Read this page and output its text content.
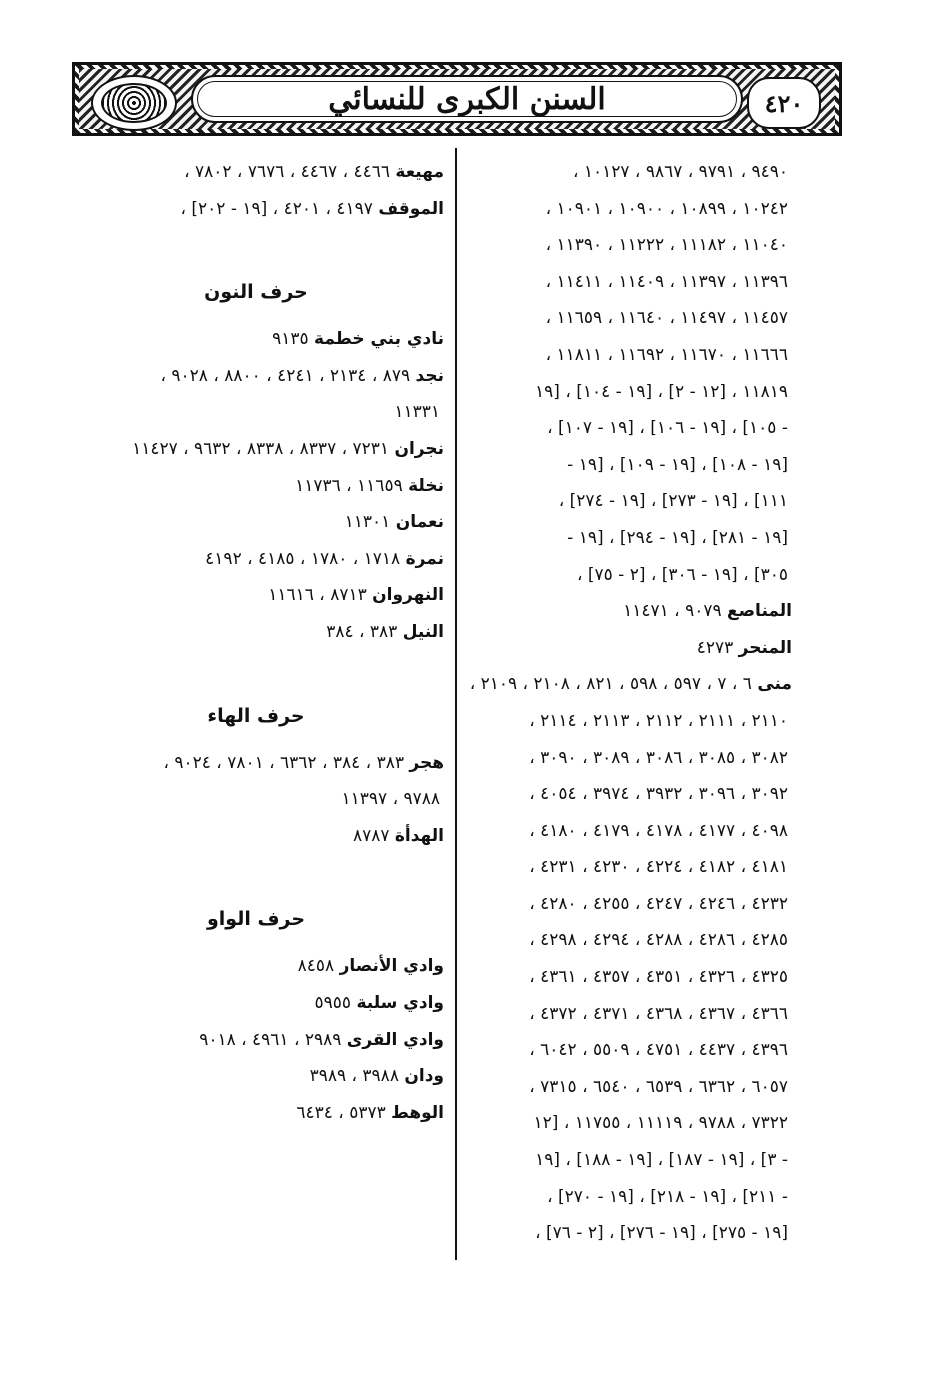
٤٢٠
السنن الكبرى للنسائي
٩٤٩٠ ، ٩٧٩١ ، ٩٨٦٧ ، ١٠١٢٧ ،
١٠٢٤٢ ، ١٠٨٩٩ ، ١٠٩٠٠ ، ١٠٩٠١ ،
١١٠٤٠ ، ١١١٨٢ ، ١١٢٢٢ ، ١١٣٩٠ ،
١١٣٩٦ ، ١١٣٩٧ ، ١١٤٠٩ ، ١١٤١١ ،
١١٤٥٧ ، ١١٤٩٧ ، ١١٦٤٠ ، ١١٦٥٩ ،
١١٦٦٦ ، ١١٦٧٠ ، ١١٦٩٢ ، ١١٨١١ ،
١١٨١٩ ، [١٢ - ٢] ، [١٩ - ١٠٤] ، [١٩
- ١٠٥] ، [١٩ - ١٠٦] ، [١٩ - ١٠٧] ،
[١٩ - ١٠٨] ، [١٩ - ١٠٩] ، [١٩ -
١١١] ، [١٩ - ٢٧٣] ، [١٩ - ٢٧٤] ،
[١٩ - ٢٨١] ، [١٩ - ٢٩٤] ، [١٩ -
٣٠٥] ، [١٩ - ٣٠٦] ، [٢ - ٧٥] ،
المناصع ٩٠٧٩ ، ١١٤٧١
المنحر ٤٢٧٣
منى ٦ ، ٧ ، ٥٩٧ ، ٥٩٨ ، ٨٢١ ، ٢١٠٨ ، ٢١٠٩ ،
٢١١٠ ، ٢١١١ ، ٢١١٢ ، ٢١١٣ ، ٢١١٤ ،
٣٠٨٢ ، ٣٠٨٥ ، ٣٠٨٦ ، ٣٠٨٩ ، ٣٠٩٠ ،
٣٠٩٢ ، ٣٠٩٦ ، ٣٩٣٢ ، ٣٩٧٤ ، ٤٠٥٤ ،
٤٠٩٨ ، ٤١٧٧ ، ٤١٧٨ ، ٤١٧٩ ، ٤١٨٠ ،
٤١٨١ ، ٤١٨٢ ، ٤٢٢٤ ، ٤٢٣٠ ، ٤٢٣١ ،
٤٢٣٢ ، ٤٢٤٦ ، ٤٢٤٧ ، ٤٢٥٥ ، ٤٢٨٠ ،
٤٢٨٥ ، ٤٢٨٦ ، ٤٢٨٨ ، ٤٢٩٤ ، ٤٢٩٨ ،
٤٣٢٥ ، ٤٣٢٦ ، ٤٣٥١ ، ٤٣٥٧ ، ٤٣٦١ ،
٤٣٦٦ ، ٤٣٦٧ ، ٤٣٦٨ ، ٤٣٧١ ، ٤٣٧٢ ،
٤٣٩٦ ، ٤٤٣٧ ، ٤٧٥١ ، ٥٥٠٩ ، ٦٠٤٢ ،
٦٠٥٧ ، ٦٣٦٢ ، ٦٥٣٩ ، ٦٥٤٠ ، ٧٣١٥ ،
٧٣٢٢ ، ٩٧٨٨ ، ١١١١٩ ، ١١٧٥٥ ، [١٢
- ٣] ، [١٩ - ١٨٧] ، [١٩ - ١٨٨] ، [١٩
- ٢١١] ، [١٩ - ٢١٨] ، [١٩ - ٢٧٠] ،
[١٩ - ٢٧٥] ، [١٩ - ٢٧٦] ، [٢ - ٧٦] ،
مهيعة ٤٤٦٦ ، ٤٤٦٧ ، ٧٦٧٦ ، ٧٨٠٢ ،
الموقف ٤١٩٧ ، ٤٢٠١ ، [١٩ - ٢٠٢] ،
حرف النون
نادي بني خطمة ٩١٣٥
نجد ٨٧٩ ، ٢١٣٤ ، ٤٢٤١ ، ٨٨٠٠ ، ٩٠٢٨ ،
١١٣٣١
نجران ٧٢٣١ ، ٨٣٣٧ ، ٨٣٣٨ ، ٩٦٣٢ ، ١١٤٢٧
نخلة ١١٦٥٩ ، ١١٧٣٦
نعمان ١١٣٠١
نمرة ١٧١٨ ، ١٧٨٠ ، ٤١٨٥ ، ٤١٩٢
النهروان ٨٧١٣ ، ١١٦١٦
النيل ٣٨٣ ، ٣٨٤
حرف الهاء
هجر ٣٨٣ ، ٣٨٤ ، ٦٣٦٢ ، ٧٨٠١ ، ٩٠٢٤ ،
٩٧٨٨ ، ١١٣٩٧
الهدأة ٨٧٨٧
حرف الواو
وادي الأنصار ٨٤٥٨
وادي سلبة ٥٩٥٥
وادي القرى ٢٩٨٩ ، ٤٩٦١ ، ٩٠١٨
ودان ٣٩٨٨ ، ٣٩٨٩
الوهط ٥٣٧٣ ، ٦٤٣٤
